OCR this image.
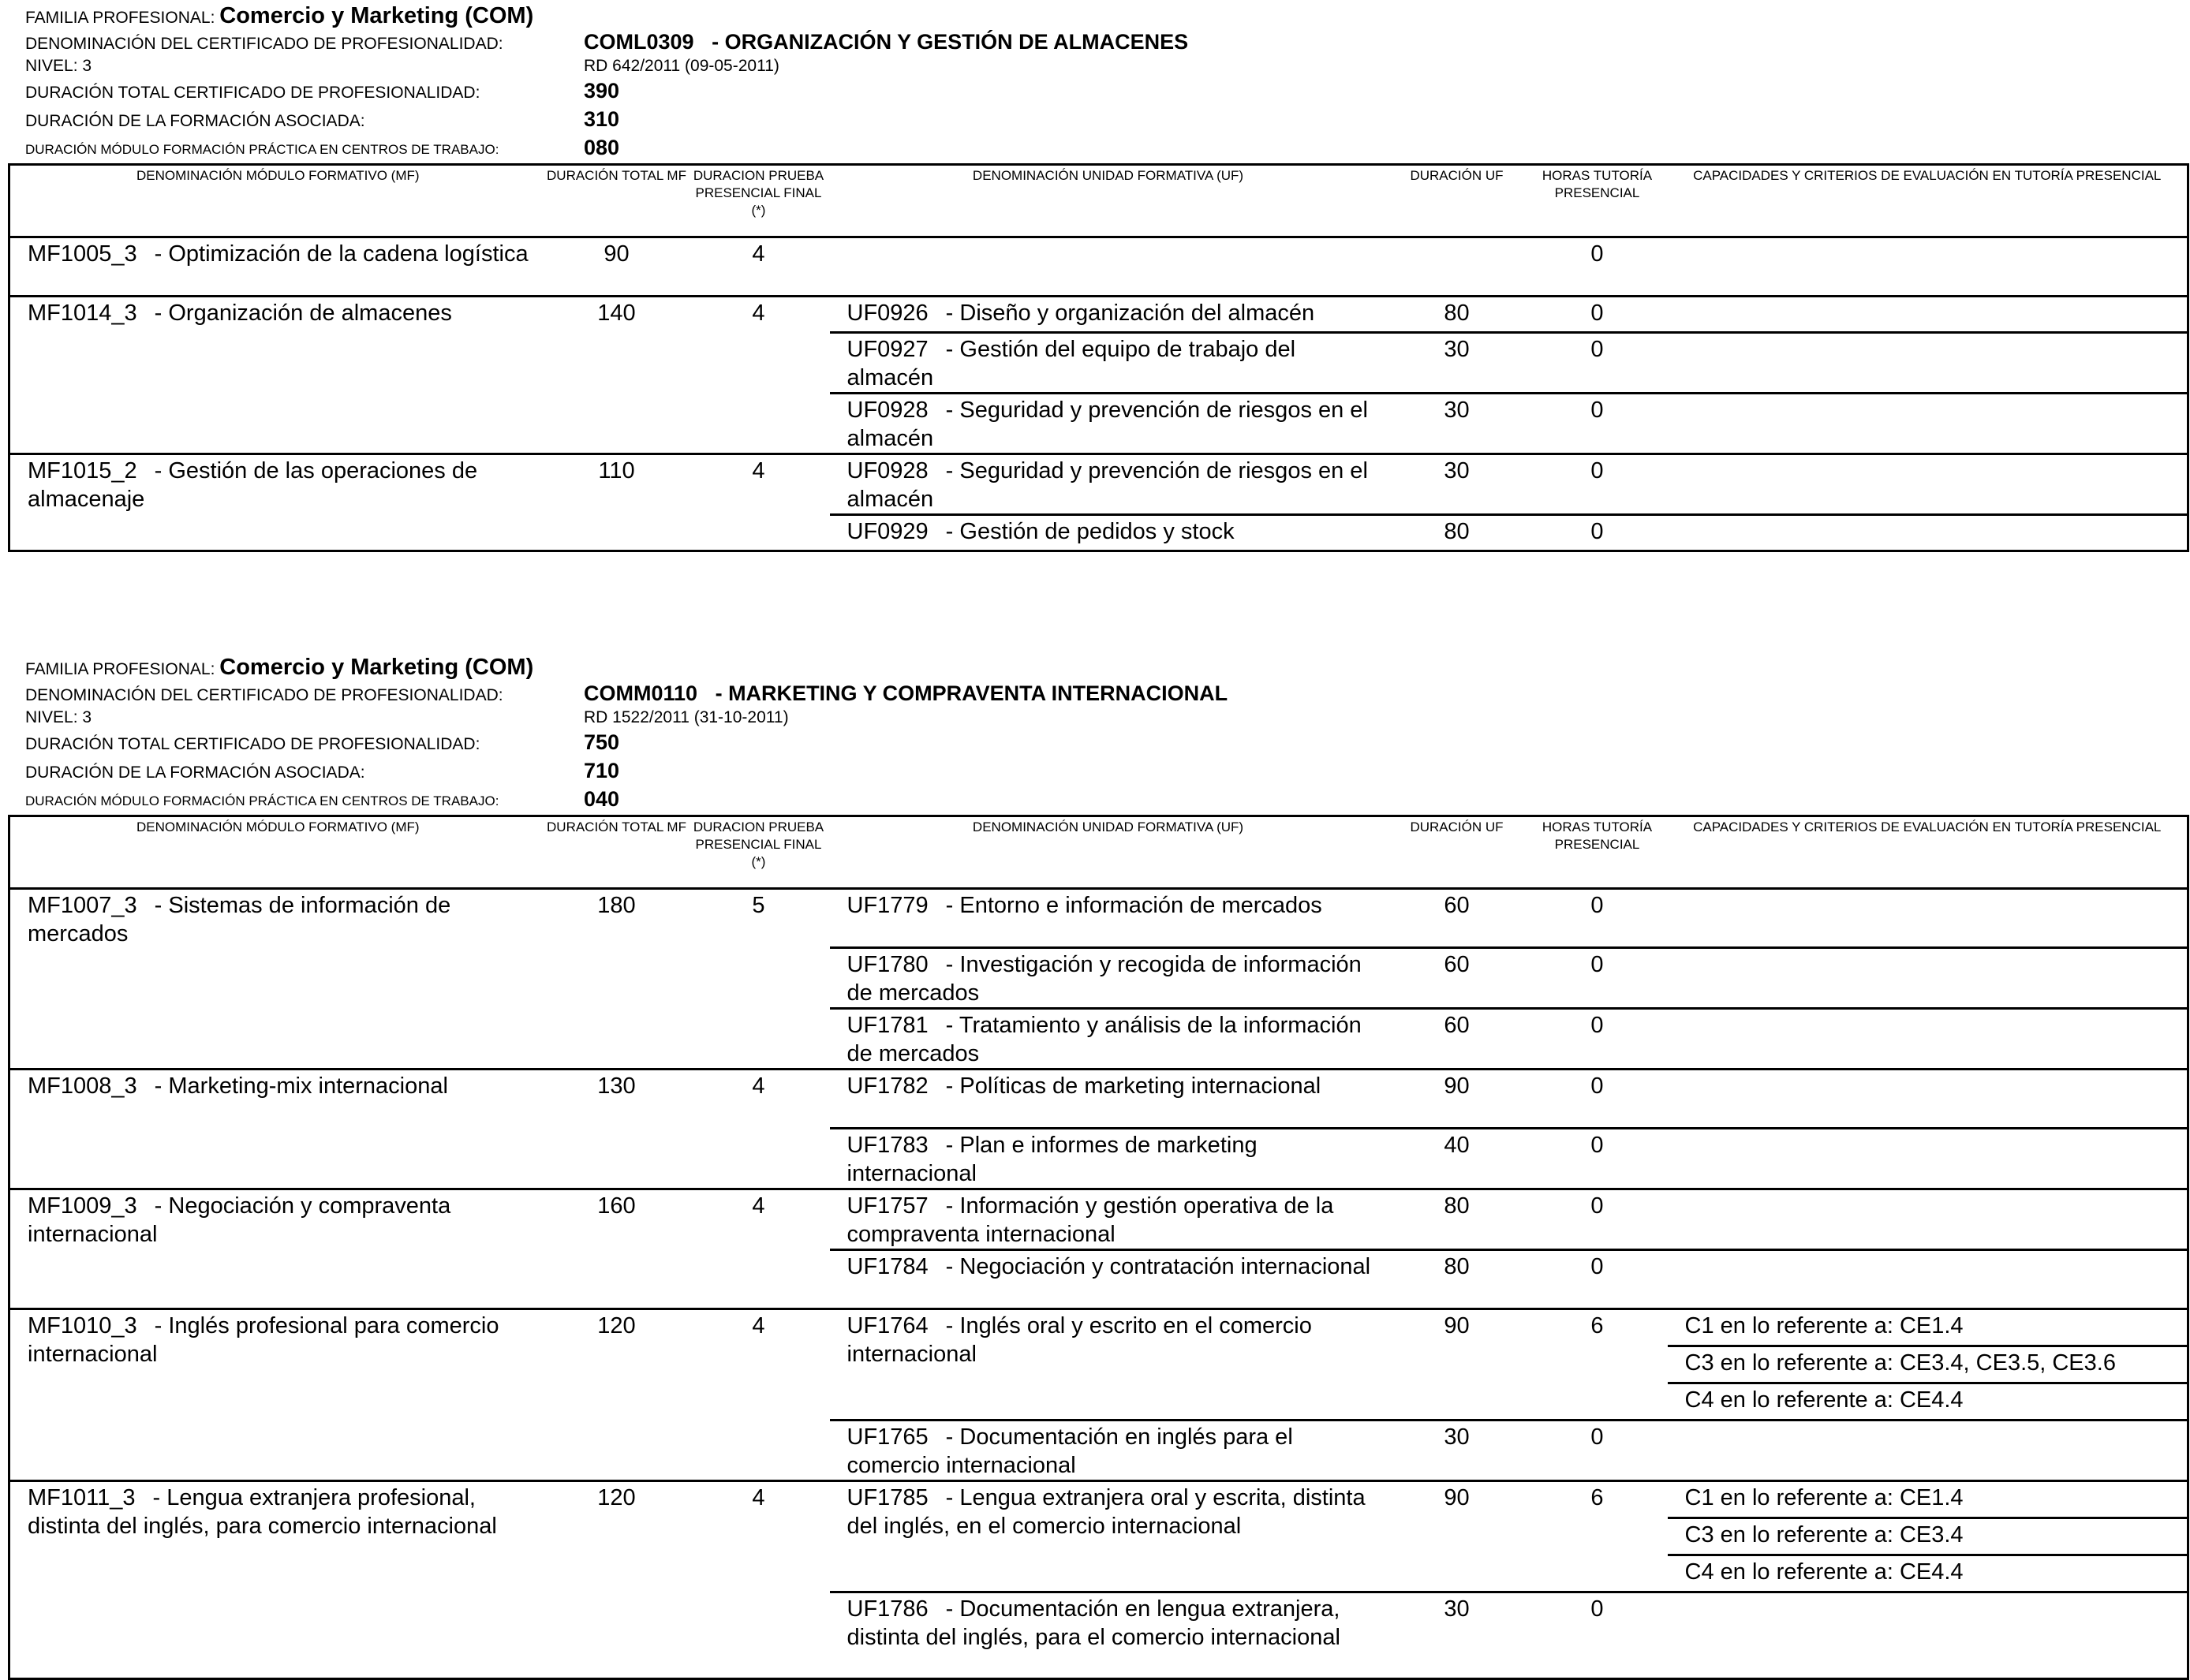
FAMILIA PROFESIONAL: Comercio y Marketing (COM)
DENOMINACIÓN DEL CERTIFICADO DE PROFESIONALIDAD:	COML0309 - ORGANIZACIÓN Y GESTIÓN DE ALMACENES
NIVEL: 3	RD 642/2011 (09-05-2011)
DURACIÓN TOTAL CERTIFICADO DE PROFESIONALIDAD:	390
DURACIÓN DE LA FORMACIÓN ASOCIADA:	310
DURACIÓN MÓDULO FORMACIÓN PRÁCTICA EN CENTROS DE TRABAJO:	080
DENOMINACIÓN MÓDULO FORMATIVO (MF)	DURACIÓN TOTAL MF	DURACION PRUEBA PRESENCIAL FINAL (*)	DENOMINACIÓN UNIDAD FORMATIVA (UF)	DURACIÓN UF	HORAS TUTORÍA PRESENCIAL	CAPACIDADES Y CRITERIOS DE EVALUACIÓN EN TUTORÍA PRESENCIAL
MF1005_3 - Optimización de la cadena logística	90	4			0	
MF1014_3 - Organización de almacenes	140	4	UF0926 - Diseño y organización del almacén	80	0	
			UF0927 - Gestión del equipo de trabajo del almacén	30	0	
			UF0928 - Seguridad y prevención de riesgos en el almacén	30	0	
MF1015_2 - Gestión de las operaciones de almacenaje	110	4	UF0928 - Seguridad y prevención de riesgos en el almacén	30	0	
			UF0929 - Gestión de pedidos y stock	80	0	
FAMILIA PROFESIONAL: Comercio y Marketing (COM)
DENOMINACIÓN DEL CERTIFICADO DE PROFESIONALIDAD:	COMM0110 - MARKETING Y COMPRAVENTA INTERNACIONAL
NIVEL: 3	RD 1522/2011 (31-10-2011)
DURACIÓN TOTAL CERTIFICADO DE PROFESIONALIDAD:	750
DURACIÓN DE LA FORMACIÓN ASOCIADA:	710
DURACIÓN MÓDULO FORMACIÓN PRÁCTICA EN CENTROS DE TRABAJO:	040
DENOMINACIÓN MÓDULO FORMATIVO (MF)	DURACIÓN TOTAL MF	DURACION PRUEBA PRESENCIAL FINAL (*)	DENOMINACIÓN UNIDAD FORMATIVA (UF)	DURACIÓN UF	HORAS TUTORÍA PRESENCIAL	CAPACIDADES Y CRITERIOS DE EVALUACIÓN EN TUTORÍA PRESENCIAL
MF1007_3 - Sistemas de información de mercados	180	5	UF1779 - Entorno e información de mercados	60	0	
			UF1780 - Investigación y recogida de información de mercados	60	0	
			UF1781 - Tratamiento y análisis de la información de mercados	60	0	
MF1008_3 - Marketing-mix internacional	130	4	UF1782 - Políticas de marketing internacional	90	0	
			UF1783 - Plan e informes de marketing internacional	40	0	
MF1009_3 - Negociación y compraventa internacional	160	4	UF1757 - Información y gestión operativa de la compraventa internacional	80	0	
			UF1784 - Negociación y contratación internacional	80	0	
MF1010_3 - Inglés profesional para comercio internacional	120	4	UF1764 - Inglés oral y escrito en el comercio internacional	90	6	C1 en lo referente a: CE1.4
						C3 en lo referente a: CE3.4, CE3.5, CE3.6
						C4 en lo referente a: CE4.4
			UF1765 - Documentación en inglés para el comercio internacional	30	0	
MF1011_3 - Lengua extranjera profesional, distinta del inglés, para comercio internacional	120	4	UF1785 - Lengua extranjera oral y escrita, distinta del inglés, en el comercio internacional	90	6	C1 en lo referente a: CE1.4
						C3 en lo referente a: CE3.4
						C4 en lo referente a: CE4.4
			UF1786 - Documentación en lengua extranjera, distinta del inglés, para el comercio internacional	30	0	
